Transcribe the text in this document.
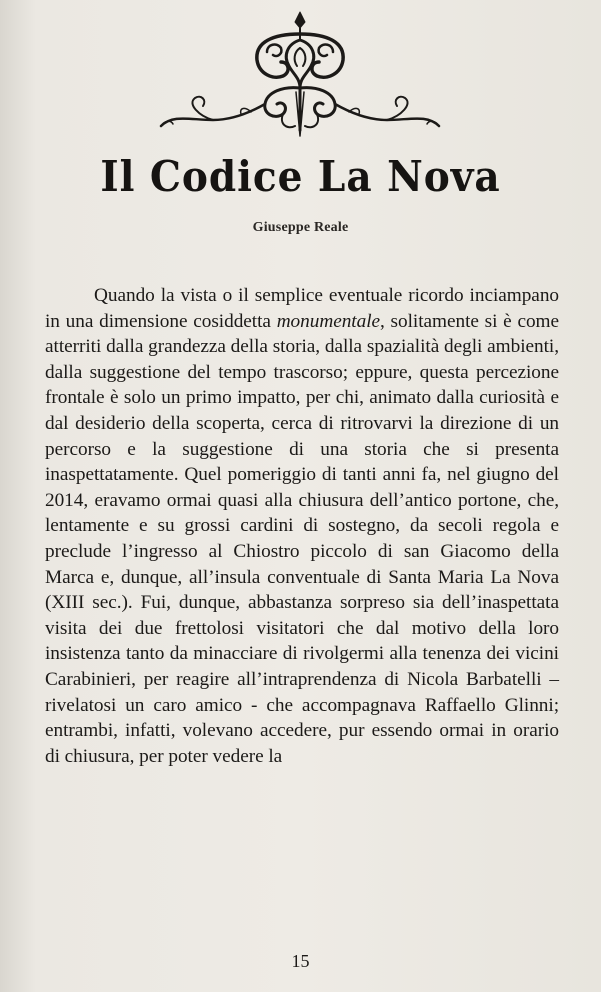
Il Codice La Nova
Giuseppe Reale

Quando la vista o il semplice eventuale ricordo inciampano in una dimensione cosiddetta monumentale, solitamente si è come atterriti dalla grandezza della storia, dalla spazialità degli ambienti, dalla suggestione del tempo trascorso; eppure, questa percezione frontale è solo un primo impatto, per chi, animato dalla curiosità e dal desiderio della scoperta, cerca di ritrovarvi la direzione di un percorso e la suggestione di una storia che si presenta inaspettatamente. Quel pomeriggio di tanti anni fa, nel giugno del 2014, eravamo ormai quasi alla chiusura dell’antico portone, che, lentamente e su grossi cardini di sostegno, da secoli regola e preclude l’ingresso al Chiostro piccolo di san Giacomo della Marca e, dunque, all’insula conventuale di Santa Maria La Nova (XIII sec.). Fui, dunque, abbastanza sorpreso sia dell’inaspettata visita dei due frettolosi visitatori che dal motivo della loro insistenza tanto da minacciare di rivolgermi alla tenenza dei vicini Carabinieri, per reagire all’intraprendenza di Nicola Barbatelli – rivelatosi un caro amico - che accompagnava Raffaello Glinni; entrambi, infatti, volevano accedere, pur essendo ormai in orario di chiusura, per poter vedere la

15
